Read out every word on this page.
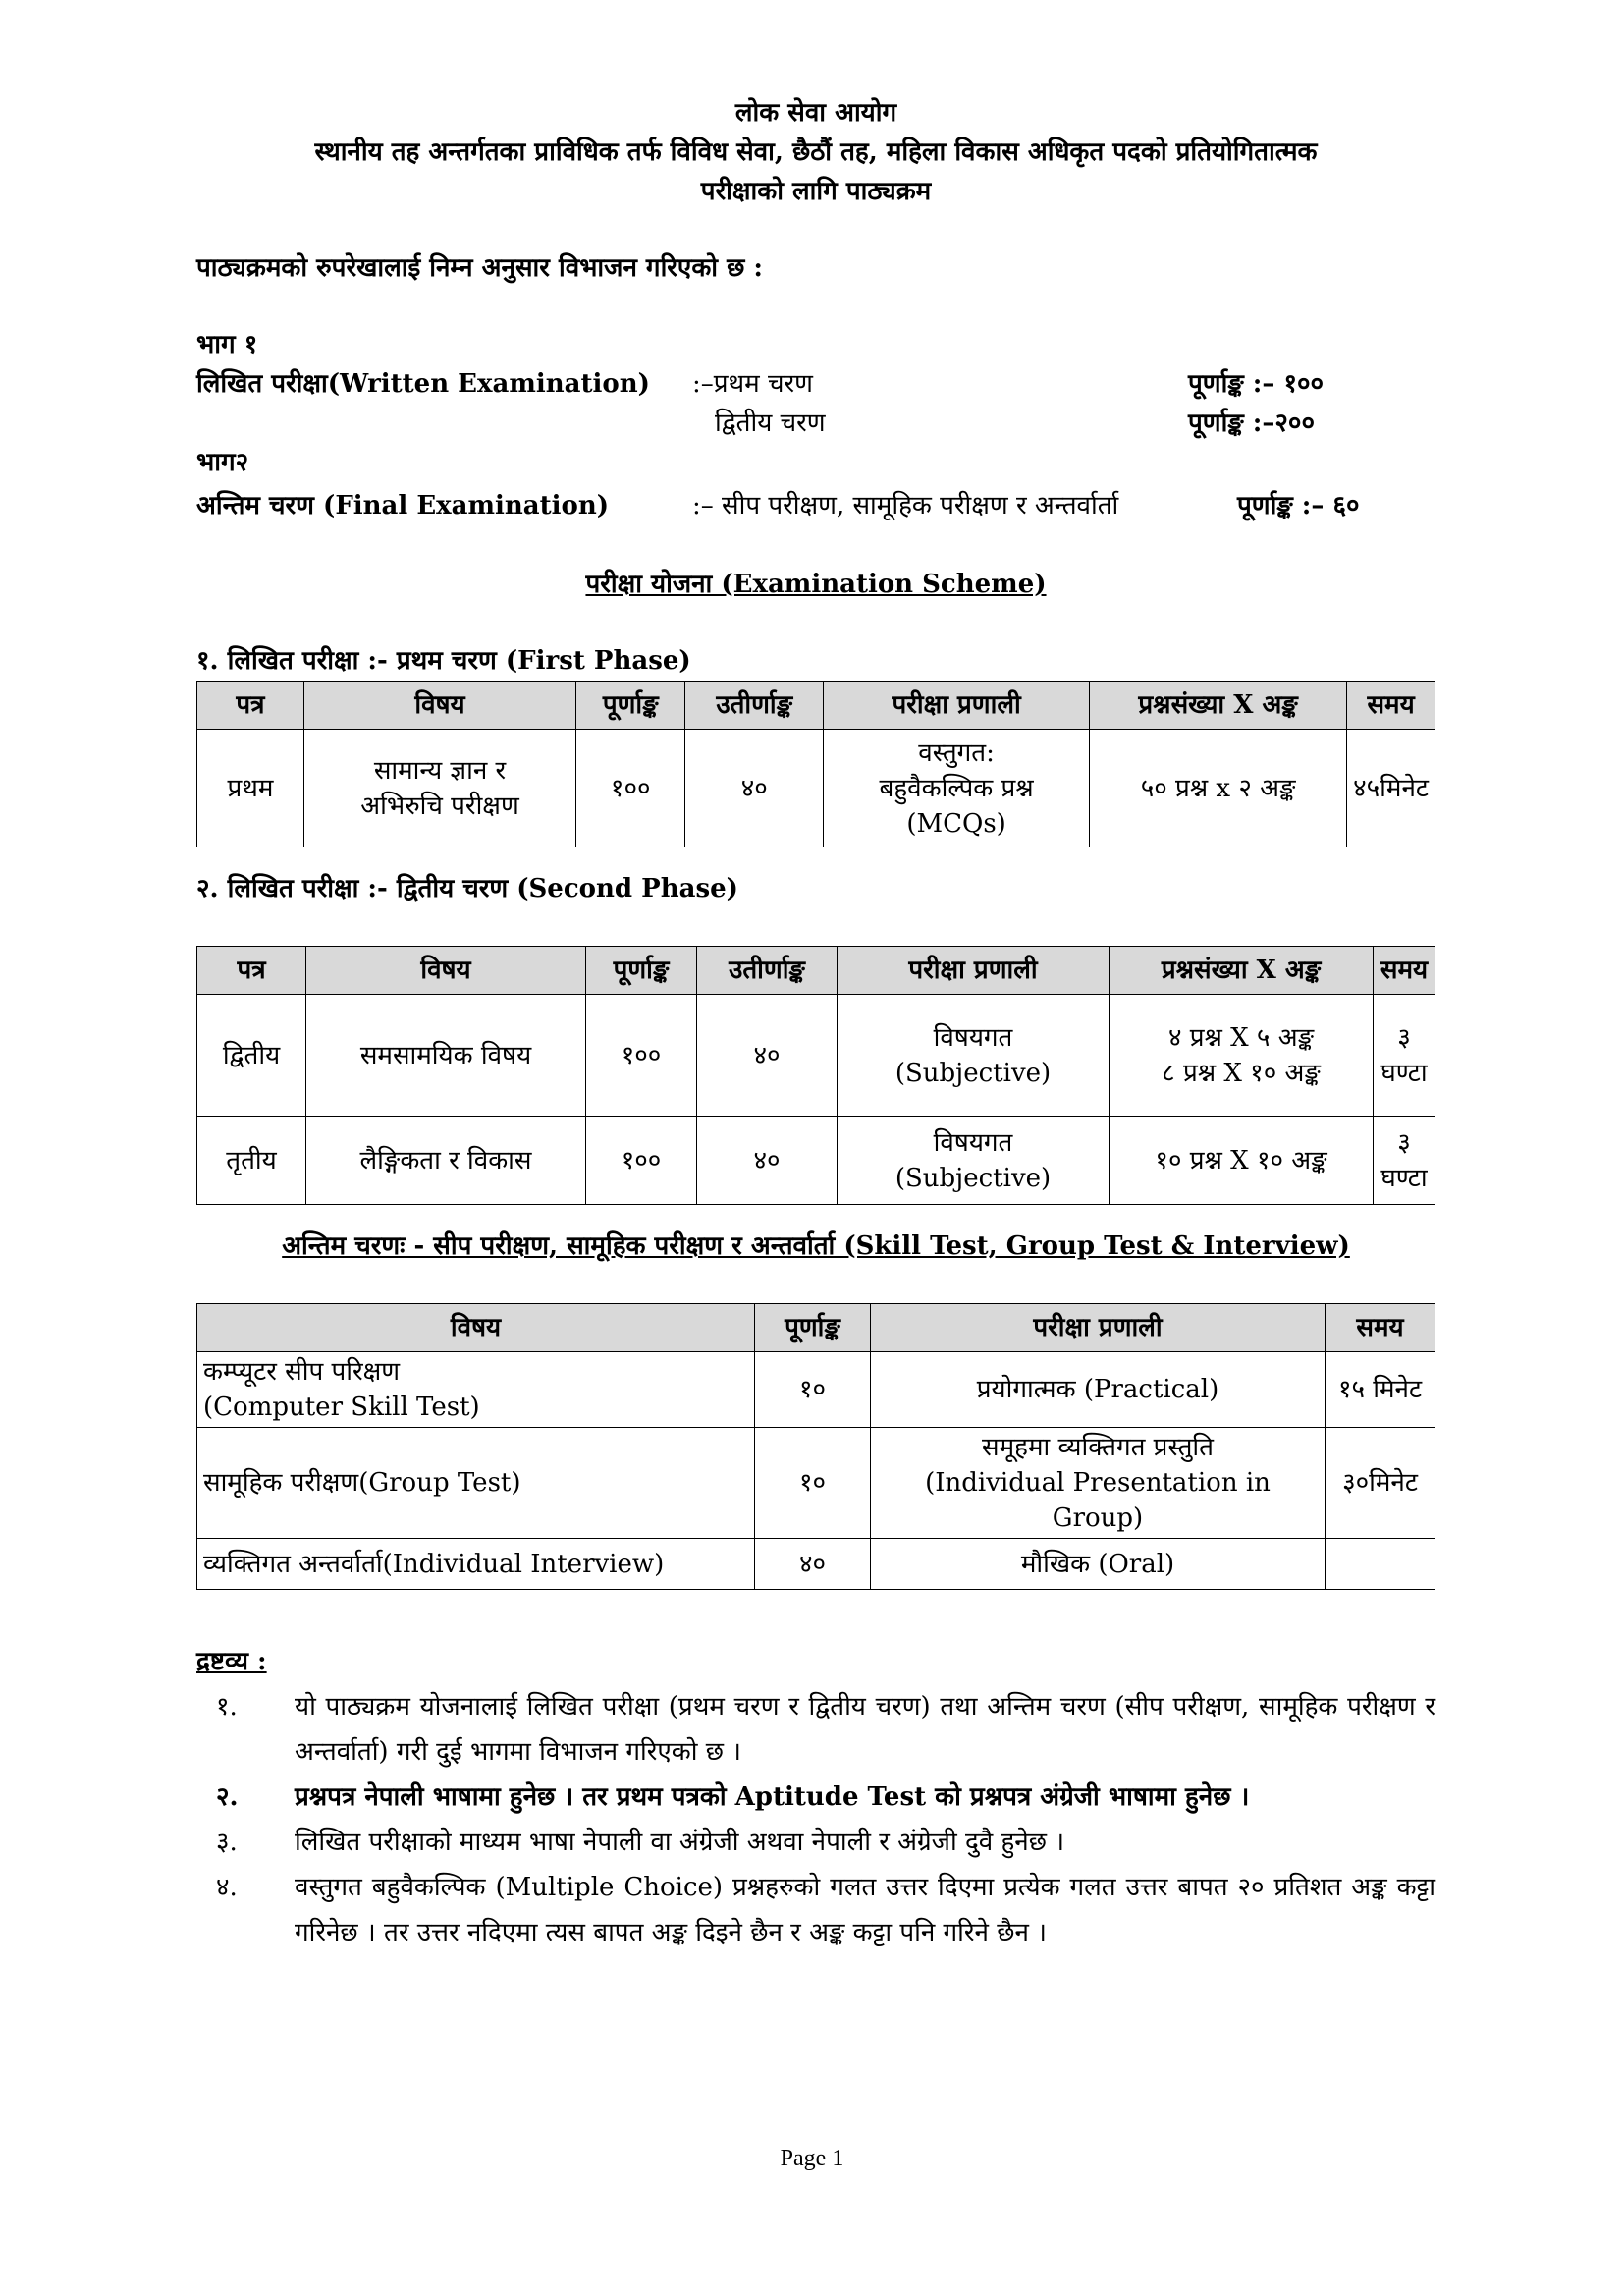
लोक सेवा आयोग
स्थानीय तह अन्तर्गतका प्राविधिक तर्फ विविध सेवा, छैठौं तह, महिला विकास अधिकृत पदको प्रतियोगितात्मक
परीक्षाको लागि पाठ्यक्रम
पाठ्यक्रमको रुपरेखालाई निम्न अनुसार विभाजन गरिएको छ :
भाग १
लिखित परीक्षा(Written Examination) :–प्रथम चरण	पूर्णाङ्क :– १००
द्वितीय चरण	पूर्णाङ्क :–२००
भाग२
अन्तिम चरण (Final Examination)	:– सीप परीक्षण, सामूहिक परीक्षण र अन्तर्वार्ता	पूर्णाङ्क :– ६०
परीक्षा योजना (Examination Scheme)
१. लिखित परीक्षा :- प्रथम चरण (First Phase)
पत्र	विषय	पूर्णाङ्क	उतीर्णाङ्क	परीक्षा प्रणाली	प्रश्नसंख्या X अङ्क	समय
प्रथम	सामान्य ज्ञान र
अभिरुचि परीक्षण	१००	४०	वस्तुगत:
बहुवैकल्पिक प्रश्न
(MCQs)	५० प्रश्न x २ अङ्क	४५मिनेट
२. लिखित परीक्षा :- द्वितीय चरण (Second Phase)
पत्र	विषय	पूर्णाङ्क	उतीर्णाङ्क	परीक्षा प्रणाली	प्रश्नसंख्या X अङ्क	समय
द्वितीय	समसामयिक विषय	१००	४०	विषयगत
(Subjective)	४ प्रश्न X ५ अङ्क
८ प्रश्न X १० अङ्क	३ घण्टा
तृतीय	लैङ्गिकता र विकास	१००	४०	विषयगत
(Subjective)	१० प्रश्न X १० अङ्क	३ घण्टा
अन्तिम चरणः - सीप परीक्षण, सामूहिक परीक्षण र अन्तर्वार्ता (Skill Test, Group Test & Interview)
विषय	पूर्णाङ्क	परीक्षा प्रणाली	समय
कम्प्यूटर सीप परिक्षण
(Computer Skill Test)	१०	प्रयोगात्मक (Practical)	१५ मिनेट
सामूहिक परीक्षण(Group Test)	१०	समूहमा व्यक्तिगत प्रस्तुति
(Individual Presentation in Group)	३०मिनेट
व्यक्तिगत अन्तर्वार्ता(Individual Interview)	४०	मौखिक (Oral)	
द्रष्टव्य :
१.	यो पाठ्यक्रम योजनालाई लिखित परीक्षा (प्रथम चरण र द्वितीय चरण) तथा अन्तिम चरण (सीप परीक्षण, सामूहिक परीक्षण र अन्तर्वार्ता) गरी दुई भागमा विभाजन गरिएको छ ।
२.	प्रश्नपत्र नेपाली भाषामा हुनेछ । तर प्रथम पत्रको Aptitude Test को प्रश्नपत्र अंग्रेजी भाषामा हुनेछ ।
३.	लिखित परीक्षाको माध्यम भाषा नेपाली वा अंग्रेजी अथवा नेपाली र अंग्रेजी दुवै हुनेछ ।
४.	वस्तुगत बहुवैकल्पिक (Multiple Choice) प्रश्नहरुको गलत उत्तर दिएमा प्रत्येक गलत उत्तर बापत २० प्रतिशत अङ्क कट्टा गरिनेछ । तर उत्तर नदिएमा त्यस बापत अङ्क दिइने छैन र अङ्क कट्टा पनि गरिने छैन ।
Page 1
